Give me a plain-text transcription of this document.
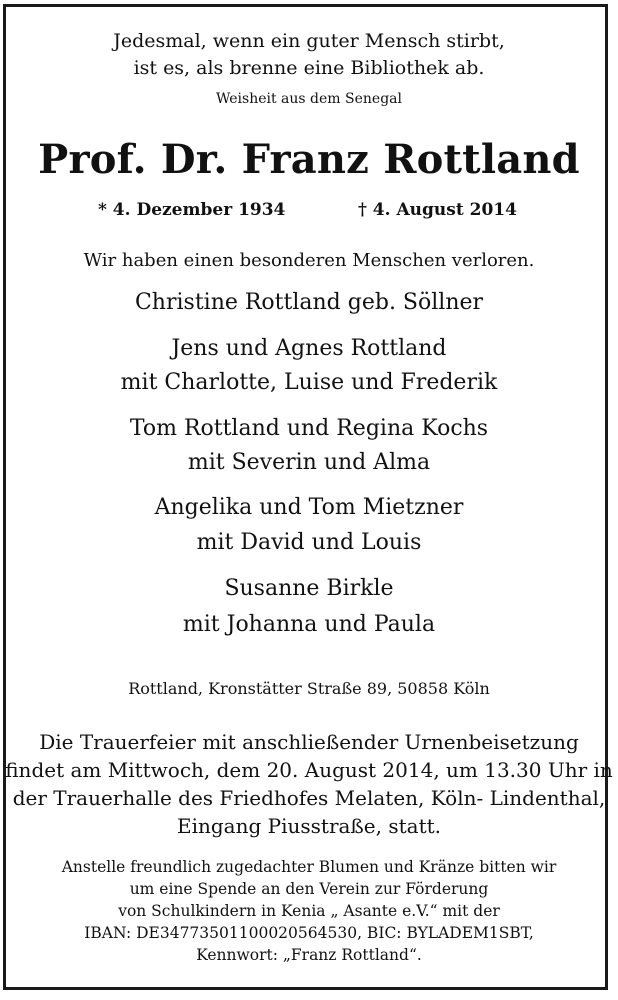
Jedesmal, wenn ein guter Mensch stirbt,
ist es, als brenne eine Bibliothek ab.
Weisheit aus dem Senegal
Prof. Dr. Franz Rottland
* 4. Dezember 1934	† 4. August 2014
Wir haben einen besonderen Menschen verloren.
Christine Rottland geb. Söllner
Jens und Agnes Rottland
mit Charlotte, Luise und Frederik
Tom Rottland und Regina Kochs
mit Severin und Alma
Angelika und Tom Mietzner
mit David und Louis
Susanne Birkle
mit Johanna und Paula
Rottland, Kronstätter Straße 89, 50858 Köln
Die Trauerfeier mit anschließender Urnenbeisetzung
findet am Mittwoch, dem 20. August 2014, um 13.30 Uhr in
der Trauerhalle des Friedhofes Melaten, Köln- Lindenthal,
Eingang Piusstraße, statt.
Anstelle freundlich zugedachter Blumen und Kränze bitten wir
um eine Spende an den Verein zur Förderung
von Schulkindern in Kenia „ Asante e.V.“ mit der
IBAN: DE34773501100020564530, BIC: BYLADEM1SBT,
Kennwort: „Franz Rottland“.
